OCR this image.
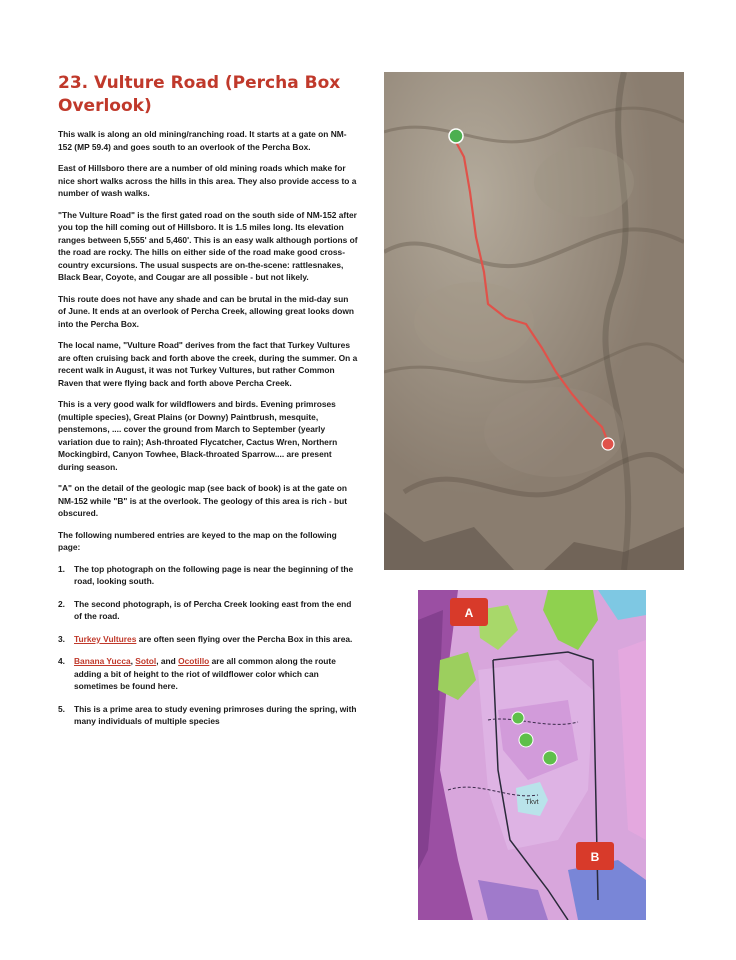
23. Vulture Road (Percha Box Overlook)

This walk is along an old mining/ranching road. It starts at a gate on NM-152 (MP 59.4) and goes south to an overlook of the Percha Box.

East of Hillsboro there are a number of old mining roads which make for nice short walks across the hills in this area. They also provide access to a number of wash walks.

"The Vulture Road" is the first gated road on the south side of NM-152 after you top the hill coming out of Hillsboro. It is 1.5 miles long. Its elevation ranges between 5,555' and 5,460'. This is an easy walk although portions of the road are rocky. The hills on either side of the road make good cross-country excursions. The usual suspects are on-the-scene: rattlesnakes, Black Bear, Coyote, and Cougar are all possible - but not likely.

This route does not have any shade and can be brutal in the mid-day sun of June. It ends at an overlook of Percha Creek, allowing great looks down into the Percha Box.

The local name, "Vulture Road" derives from the fact that Turkey Vultures are often cruising back and forth above the creek, during the summer. On a recent walk in August, it was not Turkey Vultures, but rather Common Raven that were flying back and forth above Percha Creek.

This is a very good walk for wildflowers and birds. Evening primroses (multiple species), Great Plains (or Downy) Paintbrush, mesquite, penstemons, .... cover the ground from March to September (yearly variation due to rain); Ash-throated Flycatcher, Cactus Wren, Northern Mockingbird, Canyon Towhee, Black-throated Sparrow.... are present during season.

"A" on the detail of the geologic map (see back of book) is at the gate on NM-152 while "B" is at the overlook. The geology of this area is rich - but obscured.

The following numbered entries are keyed to the map on the following page:

1.	The top photograph on the following page is near the beginning of the road, looking south.
2.	The second photograph, is of Percha Creek looking east from the end of the road.
3.	Turkey Vultures are often seen flying over the Percha Box in this area.
4.	Banana Yucca, Sotol, and Ocotillo are all common along the route adding a bit of height to the riot of wildflower color which can sometimes be found here.
5.	This is a prime area to study evening primroses during the spring, with many individuals of multiple species
A
B
Tkvt
